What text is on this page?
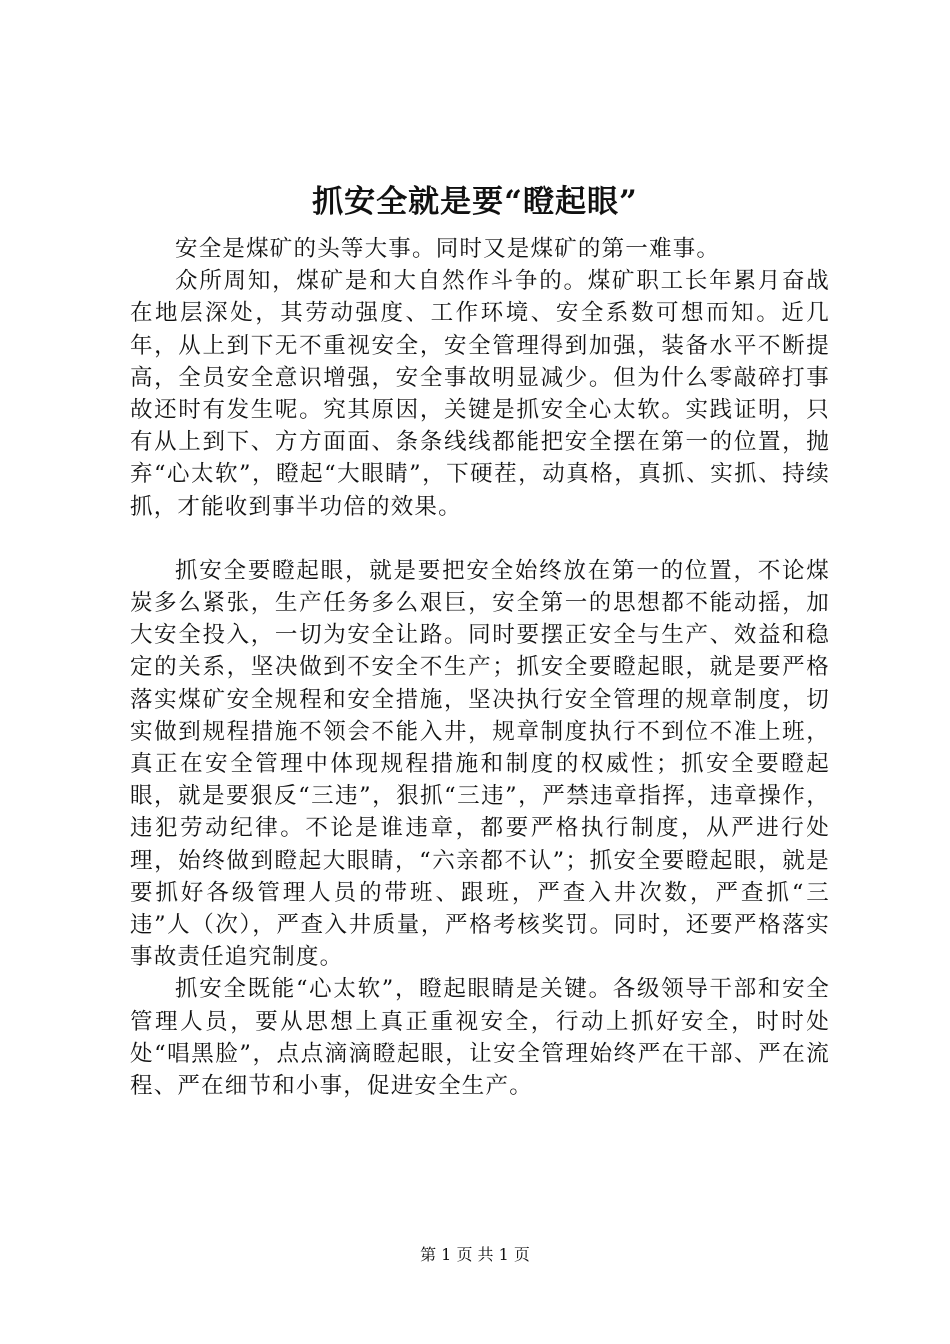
抓安全就是要“瞪起眼”

安全是煤矿的头等大事。同时又是煤矿的第一难事。

众所周知，煤矿是和大自然作斗争的。煤矿职工长年累月奋战在地层深处，其劳动强度、工作环境、安全系数可想而知。近几年，从上到下无不重视安全，安全管理得到加强，装备水平不断提高，全员安全意识增强，安全事故明显减少。但为什么零敲碎打事故还时有发生呢。究其原因，关键是抓安全心太软。实践证明，只有从上到下、方方面面、条条线线都能把安全摆在第一的位置，抛弃“心太软”，瞪起“大眼睛”，下硬茬，动真格，真抓、实抓、持续抓，才能收到事半功倍的效果。

抓安全要瞪起眼，就是要把安全始终放在第一的位置，不论煤炭多么紧张，生产任务多么艰巨，安全第一的思想都不能动摇，加大安全投入，一切为安全让路。同时要摆正安全与生产、效益和稳定的关系，坚决做到不安全不生产；抓安全要瞪起眼，就是要严格落实煤矿安全规程和安全措施，坚决执行安全管理的规章制度，切实做到规程措施不领会不能入井，规章制度执行不到位不准上班，真正在安全管理中体现规程措施和制度的权威性；抓安全要瞪起眼，就是要狠反“三违”，狠抓“三违”，严禁违章指挥，违章操作，违犯劳动纪律。不论是谁违章，都要严格执行制度，从严进行处理，始终做到瞪起大眼睛，“六亲都不认”；抓安全要瞪起眼，就是要抓好各级管理人员的带班、跟班，严查入井次数，严查抓“三违”人（次），严查入井质量，严格考核奖罚。同时，还要严格落实事故责任追究制度。

抓安全既能“心太软”，瞪起眼睛是关键。各级领导干部和安全管理人员，要从思想上真正重视安全，行动上抓好安全，时时处处“唱黑脸”，点点滴滴瞪起眼，让安全管理始终严在干部、严在流程、严在细节和小事，促进安全生产。

第 1 页 共 1 页
